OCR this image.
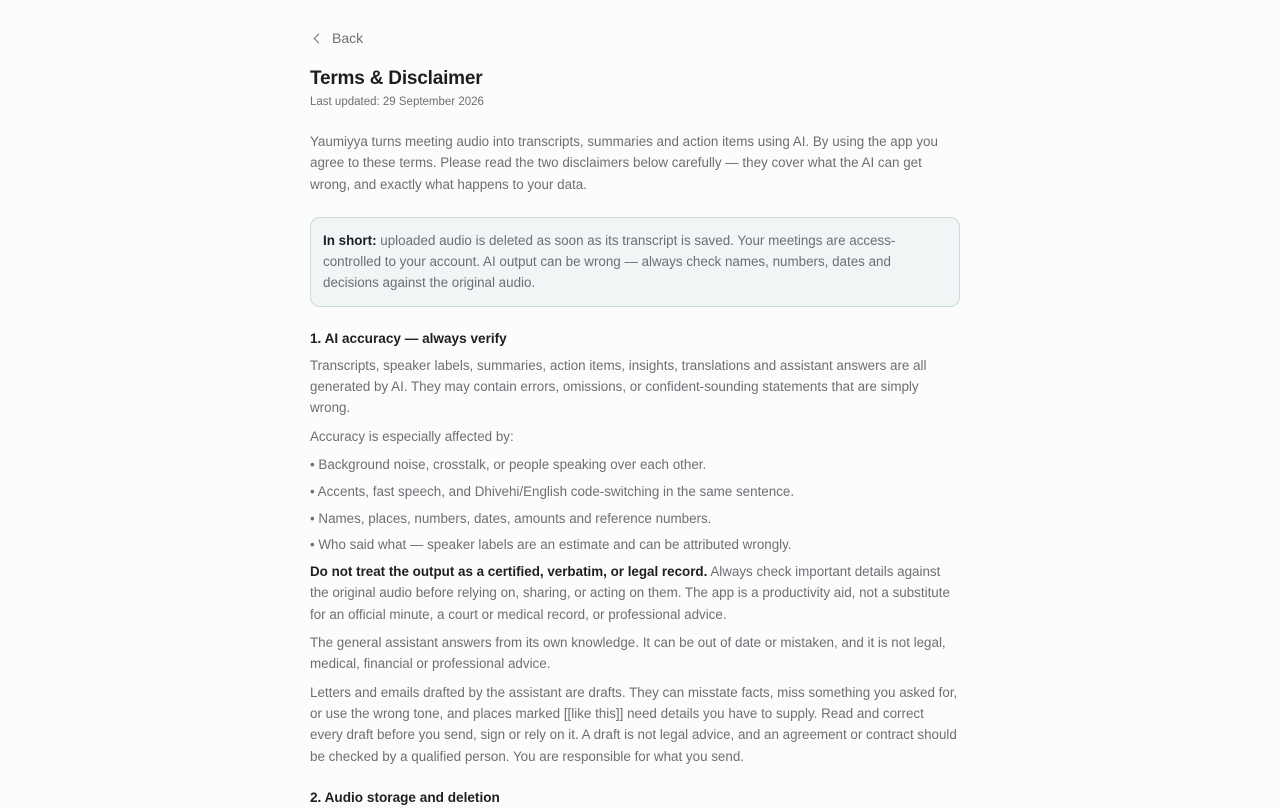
Back
Terms & Disclaimer
Last updated: 29 September 2026

Yaumiyya turns meeting audio into transcripts, summaries and action items using AI. By using the app you agree to these terms. Please read the two disclaimers below carefully — they cover what the AI can get wrong, and exactly what happens to your data.

In short: uploaded audio is deleted as soon as its transcript is saved. Your meetings are access-controlled to your account. AI output can be wrong — always check names, numbers, dates and decisions against the original audio.

1. AI accuracy — always verify

Transcripts, speaker labels, summaries, action items, insights, translations and assistant answers are all generated by AI. They may contain errors, omissions, or confident-sounding statements that are simply wrong.

Accuracy is especially affected by:

• Background noise, crosstalk, or people speaking over each other.
• Accents, fast speech, and Dhivehi/English code-switching in the same sentence.
• Names, places, numbers, dates, amounts and reference numbers.
• Who said what — speaker labels are an estimate and can be attributed wrongly.

Do not treat the output as a certified, verbatim, or legal record. Always check important details against the original audio before relying on, sharing, or acting on them. The app is a productivity aid, not a substitute for an official minute, a court or medical record, or professional advice.

The general assistant answers from its own knowledge. It can be out of date or mistaken, and it is not legal, medical, financial or professional advice.

Letters and emails drafted by the assistant are drafts. They can misstate facts, miss something you asked for, or use the wrong tone, and places marked [[like this]] need details you have to supply. Read and correct every draft before you send, sign or rely on it. A draft is not legal advice, and an agreement or contract should be checked by a qualified person. You are responsible for what you send.

2. Audio storage and deletion
